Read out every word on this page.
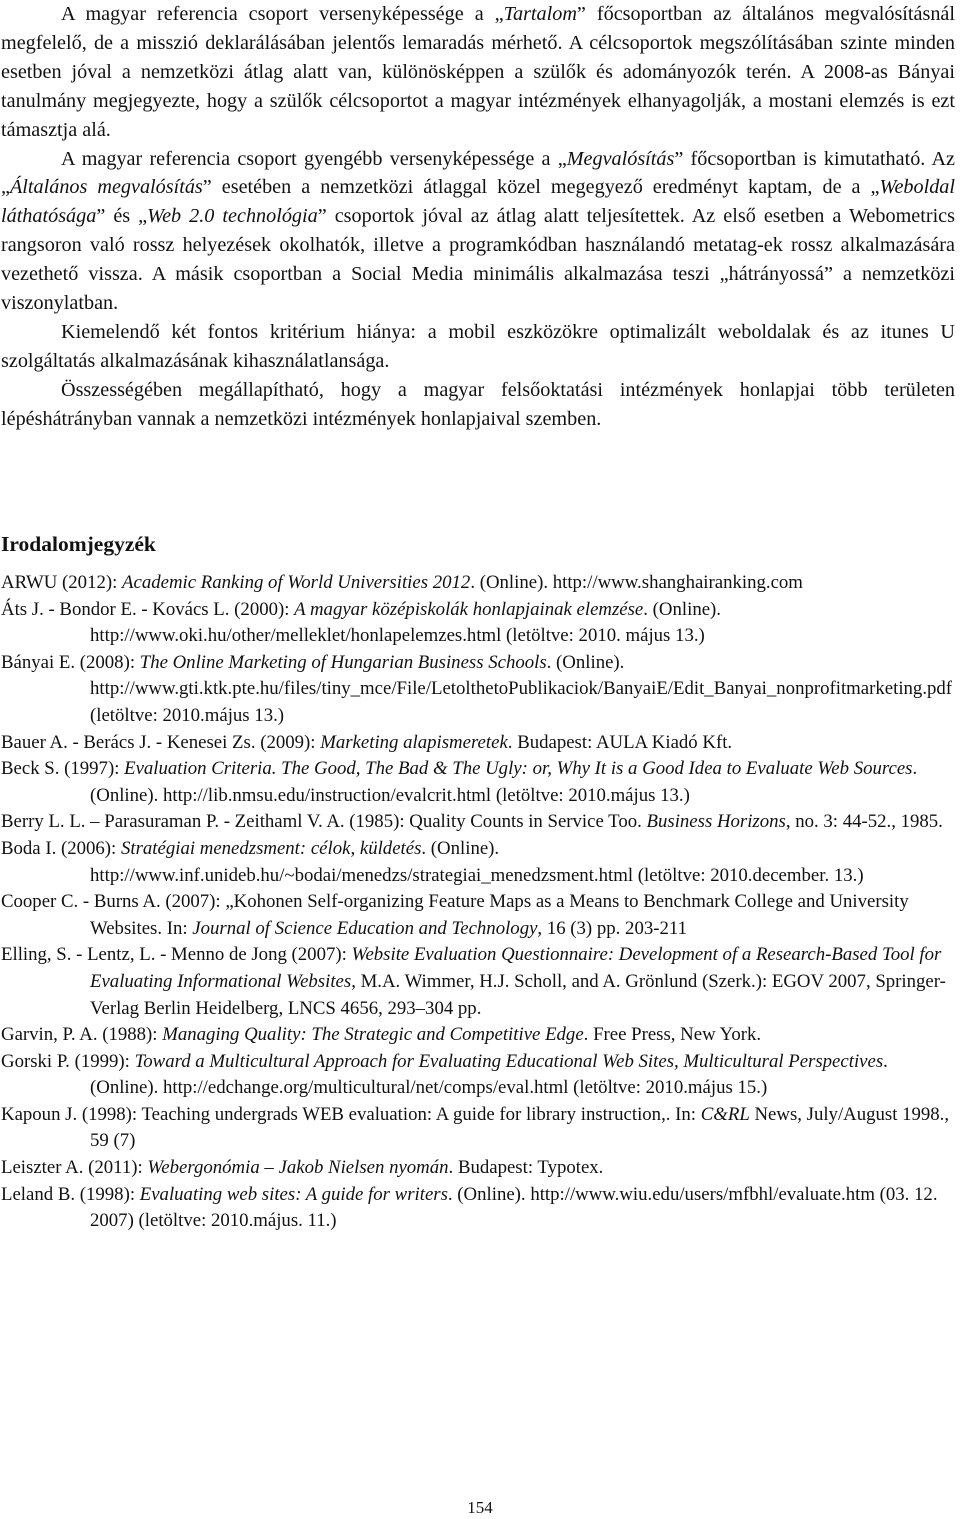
A magyar referencia csoport versenyképessége a „Tartalom” főcsoportban az általános megvalósításnál megfelelő, de a misszió deklarálásában jelentős lemaradás mérhető. A célcsoportok megszólításában szinte minden esetben jóval a nemzetközi átlag alatt van, különösképpen a szülők és adományozók terén. A 2008-as Bányai tanulmány megjegyezte, hogy a szülők célcsoportot a magyar intézmények elhanyagolják, a mostani elemzés is ezt támasztja alá.

A magyar referencia csoport gyengébb versenyképessége a „Megvalósítás” főcsoportban is kimutatható. Az „Általános megvalósítás” esetében a nemzetközi átlaggal közel megegyező eredményt kaptam, de a „Weboldal láthatósága” és „Web 2.0 technológia” csoportok jóval az átlag alatt teljesítettek. Az első esetben a Webometrics rangsoron való rossz helyezések okolhatók, illetve a programkódban használandó metatag-ek rossz alkalmazására vezethető vissza. A másik csoportban a Social Media minimális alkalmazása teszi „hátrányossá” a nemzetközi viszonylatban.

Kiemelendő két fontos kritérium hiánya: a mobil eszközökre optimalizált weboldalak és az itunes U szolgáltatás alkalmazásának kihasználatlansága.

Összességében megállapítható, hogy a magyar felsőoktatási intézmények honlapjai több területen lépéshátrányban vannak a nemzetközi intézmények honlapjaival szemben.

Irodalomjegyzék
ARWU (2012): Academic Ranking of World Universities 2012. (Online). http://www.shanghairanking.com
Áts J. - Bondor E. - Kovács L. (2000): A magyar középiskolák honlapjainak elemzése. (Online). http://www.oki.hu/other/melleklet/honlapelemzes.html (letöltve: 2010. május 13.)
Bányai E. (2008): The Online Marketing of Hungarian Business Schools. (Online). http://www.gti.ktk.pte.hu/files/tiny_mce/File/LetolthetoPublikaciok/BanyaiE/Edit_Banyai_nonprofitmarketing.pdf (letöltve: 2010.május 13.)
Bauer A. - Berács J. - Kenesei Zs. (2009): Marketing alapismeretek. Budapest: AULA Kiadó Kft.
Beck S. (1997): Evaluation Criteria. The Good, The Bad & The Ugly: or, Why It is a Good Idea to Evaluate Web Sources. (Online). http://lib.nmsu.edu/instruction/evalcrit.html (letöltve: 2010.május 13.)
Berry L. L. – Parasuraman P. - Zeithaml V. A. (1985): Quality Counts in Service Too. Business Horizons, no. 3: 44-52., 1985.
Boda I. (2006): Stratégiai menedzsment: célok, küldetés. (Online). http://www.inf.unideb.hu/~bodai/menedzs/strategiai_menedzsment.html (letöltve: 2010.december. 13.)
Cooper C. - Burns A. (2007): „Kohonen Self-organizing Feature Maps as a Means to Benchmark College and University Websites. In: Journal of Science Education and Technology, 16 (3) pp. 203-211
Elling, S. - Lentz, L. - Menno de Jong (2007): Website Evaluation Questionnaire: Development of a Research-Based Tool for Evaluating Informational Websites, M.A. Wimmer, H.J. Scholl, and A. Grönlund (Szerk.): EGOV 2007, Springer-Verlag Berlin Heidelberg, LNCS 4656, 293–304 pp.
Garvin, P. A. (1988): Managing Quality: The Strategic and Competitive Edge. Free Press, New York.
Gorski P. (1999): Toward a Multicultural Approach for Evaluating Educational Web Sites, Multicultural Perspectives. (Online). http://edchange.org/multicultural/net/comps/eval.html (letöltve: 2010.május 15.)
Kapoun J. (1998): Teaching undergrads WEB evaluation: A guide for library instruction,. In: C&RL News, July/August 1998., 59 (7)
Leiszter A. (2011): Webergonómia – Jakob Nielsen nyomán. Budapest: Typotex.
Leland B. (1998): Evaluating web sites: A guide for writers. (Online). http://www.wiu.edu/users/mfbhl/evaluate.htm (03. 12. 2007) (letöltve: 2010.május. 11.)
154
